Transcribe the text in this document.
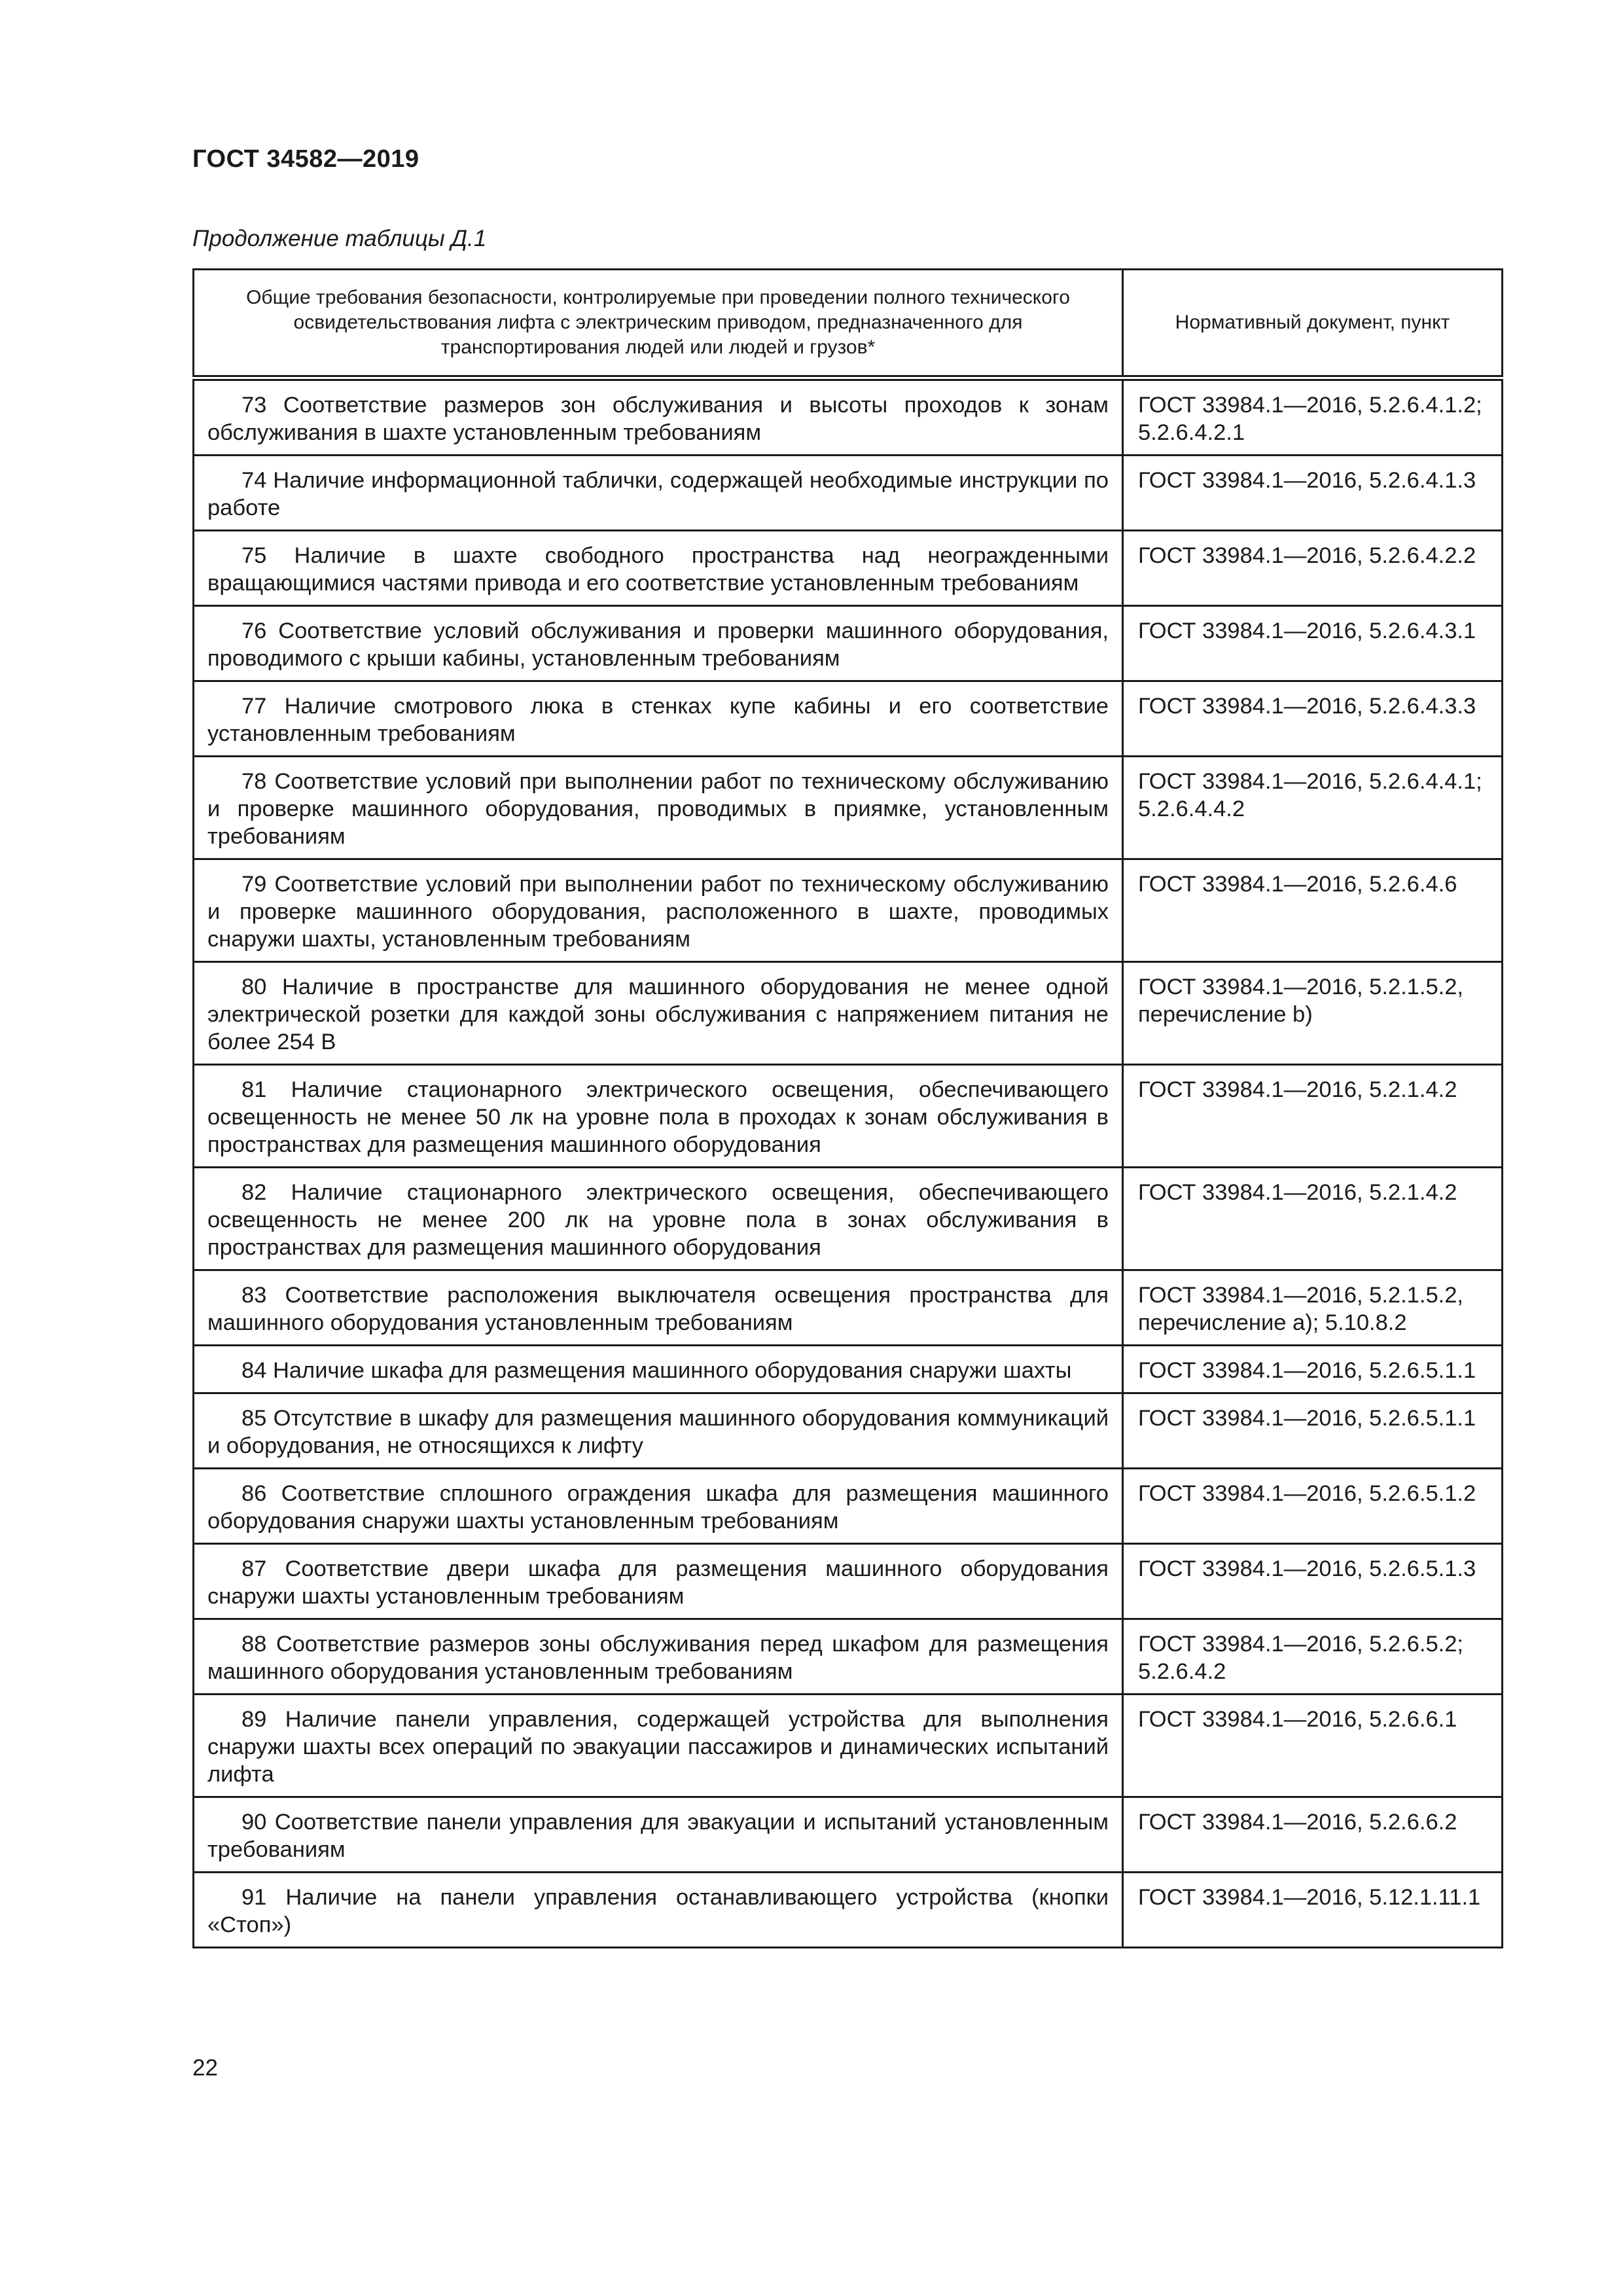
ГОСТ 34582—2019
Продолжение таблицы Д.1
Общие требования безопасности, контролируемые при проведении полного технического освидетельствования лифта с электрическим приводом, предназначенного для транспортирования людей или людей и грузов*	Нормативный документ, пункт
73 Соответствие размеров зон обслуживания и высоты проходов к зонам обслуживания в шахте установленным требованиям	ГОСТ 33984.1—2016, 5.2.6.4.1.2; 5.2.6.4.2.1
74 Наличие информационной таблички, содержащей необходимые инструкции по работе	ГОСТ 33984.1—2016, 5.2.6.4.1.3
75 Наличие в шахте свободного пространства над неогражденными вращающимися частями привода и его соответствие установленным требованиям	ГОСТ 33984.1—2016, 5.2.6.4.2.2
76 Соответствие условий обслуживания и проверки машинного оборудования, проводимого с крыши кабины, установленным требованиям	ГОСТ 33984.1—2016, 5.2.6.4.3.1
77 Наличие смотрового люка в стенках купе кабины и его соответствие установленным требованиям	ГОСТ 33984.1—2016, 5.2.6.4.3.3
78 Соответствие условий при выполнении работ по техническому обслуживанию и проверке машинного оборудования, проводимых в приямке, установленным требованиям	ГОСТ 33984.1—2016, 5.2.6.4.4.1; 5.2.6.4.4.2
79 Соответствие условий при выполнении работ по техническому обслуживанию и проверке машинного оборудования, расположенного в шахте, проводимых снаружи шахты, установленным требованиям	ГОСТ 33984.1—2016, 5.2.6.4.6
80 Наличие в пространстве для машинного оборудования не менее одной электрической розетки для каждой зоны обслуживания с напряжением питания не более 254 В	ГОСТ 33984.1—2016, 5.2.1.5.2, перечисление b)
81 Наличие стационарного электрического освещения, обеспечивающего освещенность не менее 50 лк на уровне пола в проходах к зонам обслуживания в пространствах для размещения машинного оборудования	ГОСТ 33984.1—2016, 5.2.1.4.2
82 Наличие стационарного электрического освещения, обеспечивающего освещенность не менее 200 лк на уровне пола в зонах обслуживания в пространствах для размещения машинного оборудования	ГОСТ 33984.1—2016, 5.2.1.4.2
83 Соответствие расположения выключателя освещения пространства для машинного оборудования установленным требованиям	ГОСТ 33984.1—2016, 5.2.1.5.2, перечисление a); 5.10.8.2
84 Наличие шкафа для размещения машинного оборудования снаружи шахты	ГОСТ 33984.1—2016, 5.2.6.5.1.1
85 Отсутствие в шкафу для размещения машинного оборудования коммуникаций и оборудования, не относящихся к лифту	ГОСТ 33984.1—2016, 5.2.6.5.1.1
86 Соответствие сплошного ограждения шкафа для размещения машинного оборудования снаружи шахты установленным требованиям	ГОСТ 33984.1—2016, 5.2.6.5.1.2
87 Соответствие двери шкафа для размещения машинного оборудования снаружи шахты установленным требованиям	ГОСТ 33984.1—2016, 5.2.6.5.1.3
88 Соответствие размеров зоны обслуживания перед шкафом для размещения машинного оборудования установленным требованиям	ГОСТ 33984.1—2016, 5.2.6.5.2; 5.2.6.4.2
89 Наличие панели управления, содержащей устройства для выполнения снаружи шахты всех операций по эвакуации пассажиров и динамических испытаний лифта	ГОСТ 33984.1—2016, 5.2.6.6.1
90 Соответствие панели управления для эвакуации и испытаний установленным требованиям	ГОСТ 33984.1—2016, 5.2.6.6.2
91 Наличие на панели управления останавливающего устройства (кнопки «Стоп»)	ГОСТ 33984.1—2016, 5.12.1.11.1
22
